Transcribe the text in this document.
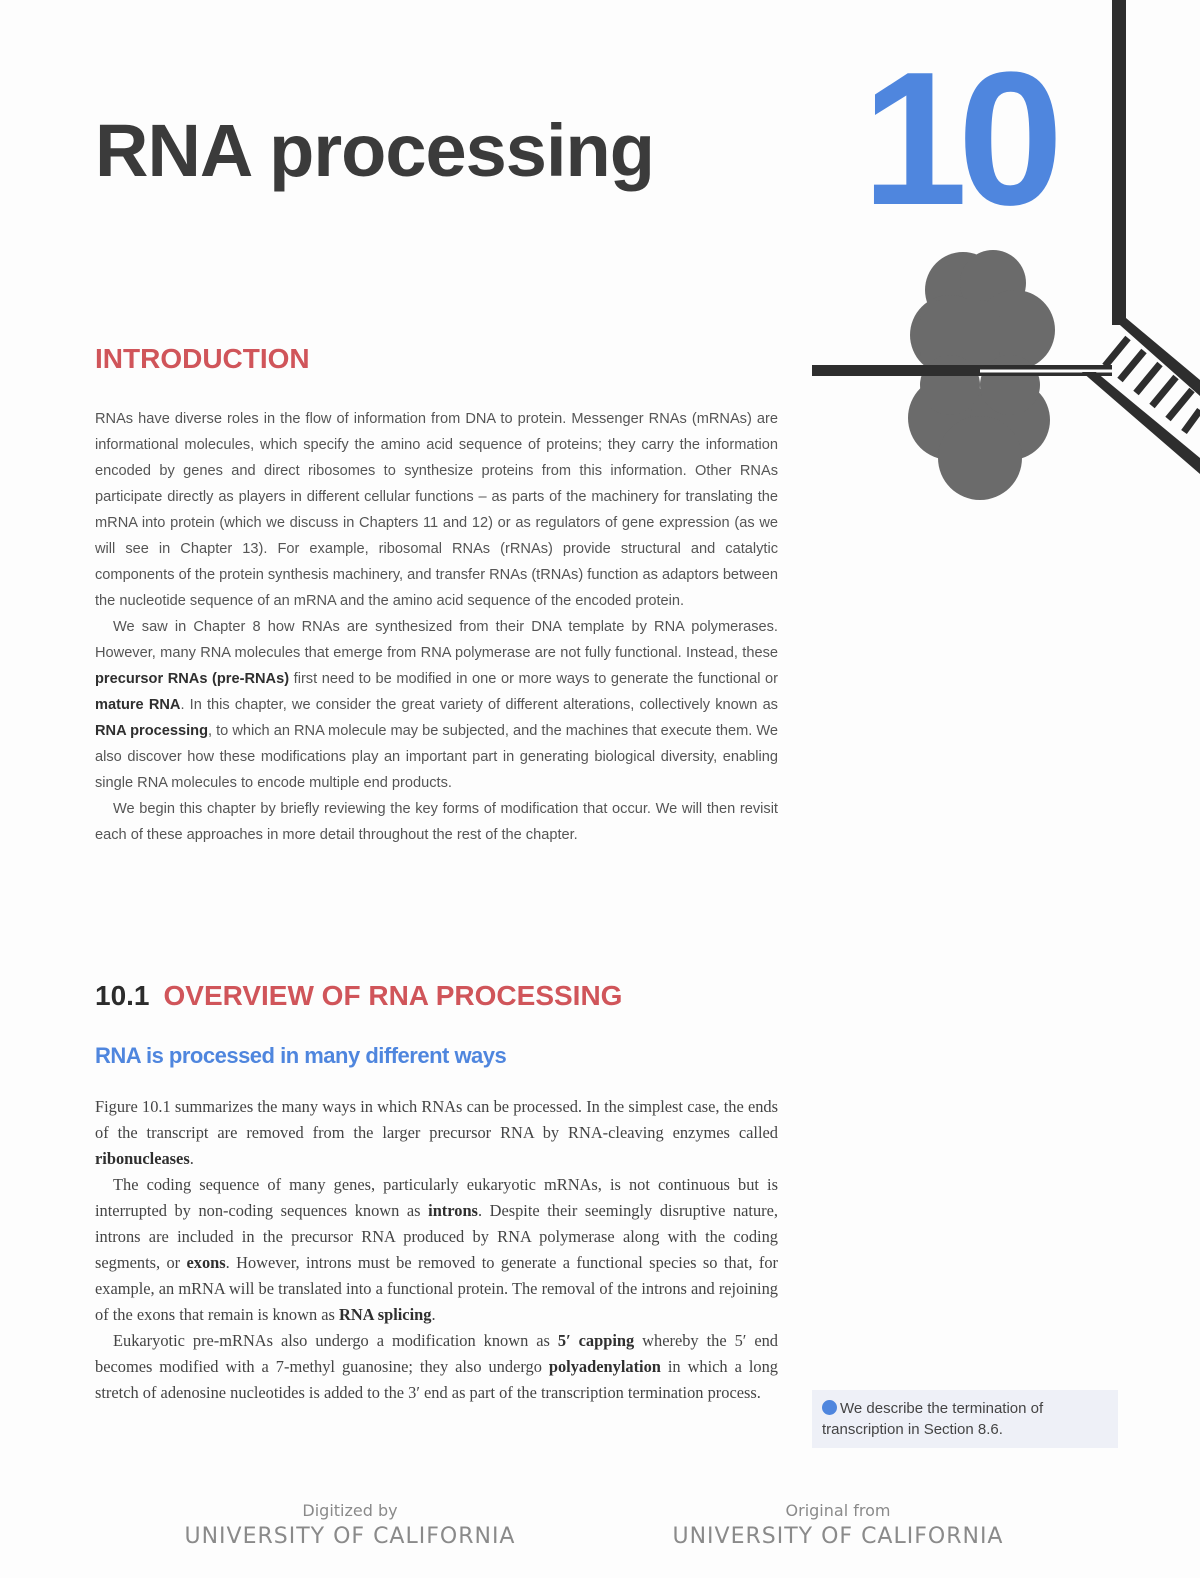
RNA processing 10
INTRODUCTION

RNAs have diverse roles in the flow of information from DNA to protein. Messenger RNAs (mRNAs) are informational molecules, which specify the amino acid sequence of proteins; they carry the information encoded by genes and direct ribosomes to synthesize proteins from this information. Other RNAs participate directly as players in different cellular functions – as parts of the machinery for translating the mRNA into protein (which we discuss in Chapters 11 and 12) or as regulators of gene expression (as we will see in Chapter 13). For example, ribosomal RNAs (rRNAs) provide structural and catalytic components of the protein synthesis machinery, and transfer RNAs (tRNAs) function as adaptors between the nucleotide sequence of an mRNA and the amino acid sequence of the encoded protein.

We saw in Chapter 8 how RNAs are synthesized from their DNA template by RNA polymerases. However, many RNA molecules that emerge from RNA polymerase are not fully functional. Instead, these precursor RNAs (pre-RNAs) first need to be modified in one or more ways to generate the functional or mature RNA. In this chapter, we consider the great variety of different alterations, collectively known as RNA processing, to which an RNA molecule may be subjected, and the machines that execute them. We also discover how these modifications play an important part in generating biological diversity, enabling single RNA molecules to encode multiple end products.

We begin this chapter by briefly reviewing the key forms of modification that occur. We will then revisit each of these approaches in more detail throughout the rest of the chapter.

10.1 OVERVIEW OF RNA PROCESSING
RNA is processed in many different ways

Figure 10.1 summarizes the many ways in which RNAs can be processed. In the simplest case, the ends of the transcript are removed from the larger precursor RNA by RNA-cleaving enzymes called ribonucleases.

The coding sequence of many genes, particularly eukaryotic mRNAs, is not continuous but is interrupted by non-coding sequences known as introns. Despite their seemingly disruptive nature, introns are included in the precursor RNA produced by RNA polymerase along with the coding segments, or exons. However, introns must be removed to generate a functional species so that, for example, an mRNA will be translated into a functional protein. The removal of the introns and rejoining of the exons that remain is known as RNA splicing.

Eukaryotic pre-mRNAs also undergo a modification known as 5′ capping whereby the 5′ end becomes modified with a 7-methyl guanosine; they also undergo polyadenylation in which a long stretch of adenosine nucleotides is added to the 3′ end as part of the transcription termination process.

We describe the termination of transcription in Section 8.6.
Digitized by
UNIVERSITY OF CALIFORNIA
Original from
UNIVERSITY OF CALIFORNIA
